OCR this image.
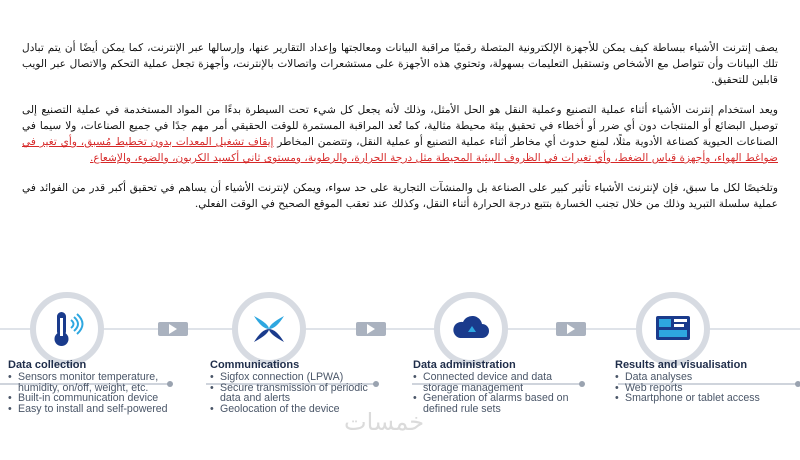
يصف إنترنت الأشياء ببساطة كيف يمكن للأجهزة الإلكترونية المتصلة رقميًا مراقبة البيانات ومعالجتها وإعداد التقارير عنها، وإرسالها عبر الإنترنت، كما يمكن أيضًا أن يتم تبادل تلك البيانات وأن تتواصل مع الأشخاص وتستقبل التعليمات بسهولة، وتحتوي هذه الأجهزة على مستشعرات واتصالات بالإنترنت، وأجهزة تجعل عملية التحكم والاتصال عبر الويب قابلين للتحقيق.

ويعد استخدام إنترنت الأشياء أثناء عملية التصنيع وعملية النقل هو الحل الأمثل، وذلك لأنه يجعل كل شيء تحت السيطرة بدءًا من المواد المستخدمة في عملية التصنيع إلى توصيل البضائع أو المنتجات دون أي ضرر أو أخطاء في تحقيق بيئة محيطة مثالية، كما تُعد المراقبة المستمرة للوقت الحقيقي أمر مهم جدًا في جميع الصناعات، ولا سيما في الصناعات الحيوية كصناعة الأدوية مثلًا، لمنع حدوث أي مخاطر أثناء عملية التصنيع أو عملية النقل، وتتضمن المخاطر إيقاف تشغيل المعدات بدون تخطيط مُسبق، وأي تغير في ضواغط الهواء، وأجهزة قياس الضغط، وأي تغيرات في الظروف البيئية المحيطة مثل درجة الحرارة، والرطوبة، ومستوى ثاني أكسيد الكربون، والضوء، والإشعاع.

وتلخيصًا لكل ما سبق، فإن لإنترنت الأشياء تأثير كبير على الصناعة بل والمنشآت التجارية على حد سواء، ويمكن لإنترنت الأشياء أن يساهم في تحقيق أكبر قدر من الفوائد في عملية سلسلة التبريد وذلك من خلال تجنب الخسارة بتتبع درجة الحرارة أثناء النقل، وكذلك عند تعقب الموقع الصحيح في الوقت الفعلي.

Data collection	Communications	Data administration	Results and visualisation
• Sensors monitor temperature, humidity, on/off, weight, etc.
• Built-in communication device
• Easy to install and self-powered
• Sigfox connection (LPWA)
• Secure transmission of periodic data and alerts
• Geolocation of the device
• Connected device and data storage management
• Generation of alarms based on defined rule sets
• Data analyses
• Web reports
• Smartphone or tablet access
خمسات
